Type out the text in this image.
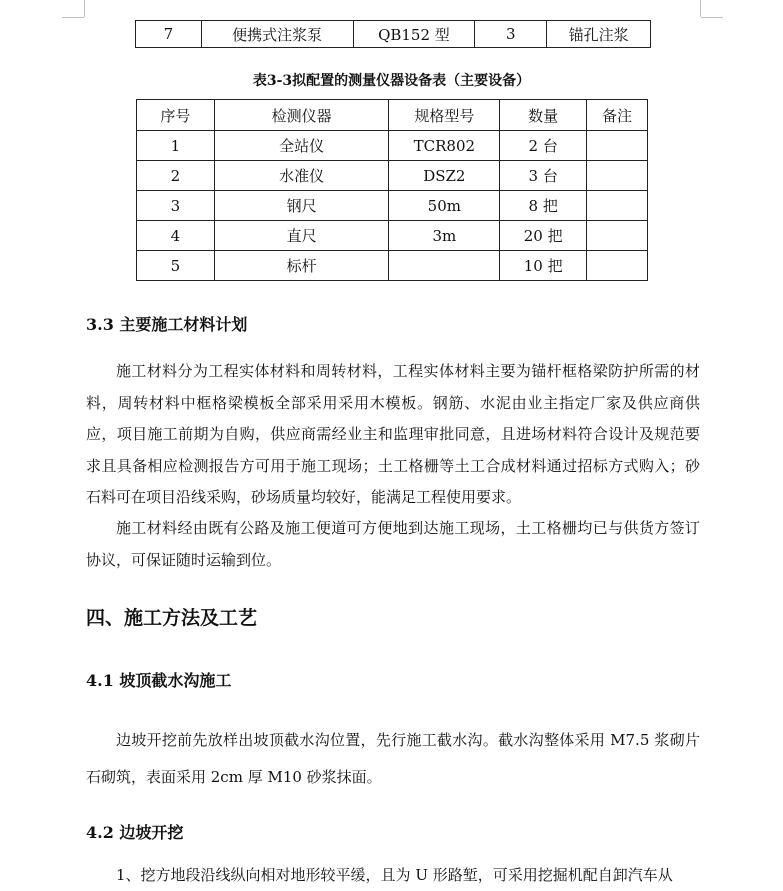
7	便携式注浆泵	QB152 型	3	锚孔注浆
表3-3拟配置的测量仪器设备表（主要设备）
序号	检测仪器	规格型号	数量	备注
1	全站仪	TCR802	2 台	
2	水准仪	DSZ2	3 台	
3	钢尺	50m	8 把	
4	直尺	3m	20 把	
5	标杆		10 把	
3.3 主要施工材料计划
施工材料分为工程实体材料和周转材料，工程实体材料主要为锚杆框格梁防护所需的材料，周转材料中框格梁模板全部采用采用木模板。钢筋、水泥由业主指定厂家及供应商供应，项目施工前期为自购，供应商需经业主和监理审批同意，且进场材料符合设计及规范要求且具备相应检测报告方可用于施工现场；土工格栅等土工合成材料通过招标方式购入；砂石料可在项目沿线采购，砂场质量均较好，能满足工程使用要求。
施工材料经由既有公路及施工便道可方便地到达施工现场，土工格栅均已与供货方签订协议，可保证随时运输到位。
四、施工方法及工艺
4.1 坡顶截水沟施工
边坡开挖前先放样出坡顶截水沟位置，先行施工截水沟。截水沟整体采用 M7.5 浆砌片石砌筑，表面采用 2cm 厚 M10 砂浆抹面。
4.2 边坡开挖
1、挖方地段沿线纵向相对地形较平缓，且为 U 形路堑，可采用挖掘机配自卸汽车从
